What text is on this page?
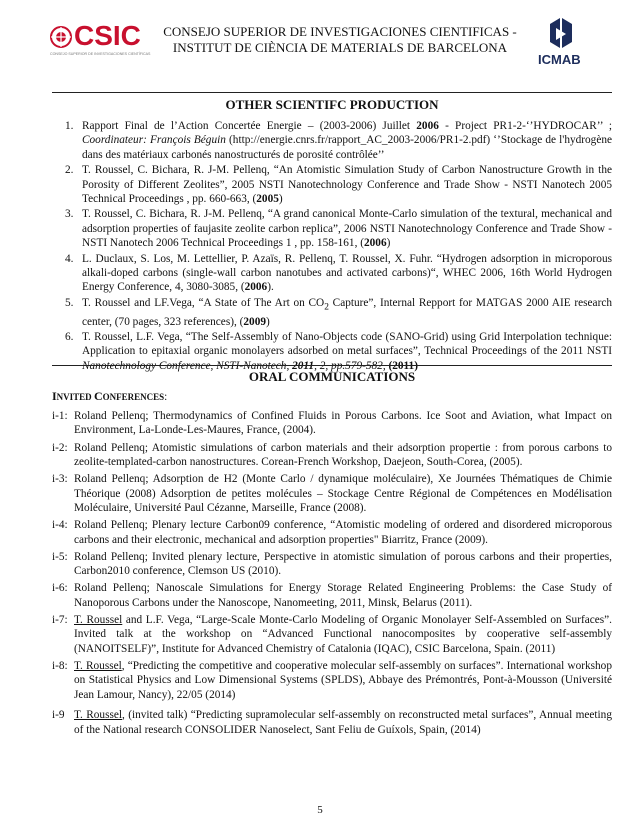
CSIC
CONSEJO SUPERIOR DE INVESTIGACIONES CIENTÍFICAS
CONSEJO SUPERIOR DE INVESTIGACIONES CIENTIFICAS -
INSTITUT DE CIÈNCIA DE MATERIALS DE BARCELONA
ICMAB
OTHER SCIENTIFC PRODUCTION
1. Rapport Final de l’Action Concertée Energie – (2003-2006) Juillet 2006 - Project PR1-2-‘’HYDROCAR’’ ; Coordinateur: François Béguin (http://energie.cnrs.fr/rapport_AC_2003-2006/PR1-2.pdf) ‘’Stockage de l'hydrogène dans des matériaux carbonés nanostructurés de porosité contrôlée’’
2. T. Roussel, C. Bichara, R. J-M. Pellenq, “An Atomistic Simulation Study of Carbon Nanostructure Growth in the Porosity of Different Zeolites”, 2005 NSTI Nanotechnology Conference and Trade Show - NSTI Nanotech 2005 Technical Proceedings , pp. 660-663, (2005)
3. T. Roussel, C. Bichara, R. J-M. Pellenq, “A grand canonical Monte-Carlo simulation of the textural, mechanical and adsorption properties of faujasite zeolite carbon replica”, 2006 NSTI Nanotechnology Conference and Trade Show - NSTI Nanotech 2006 Technical Proceedings 1 , pp. 158-161, (2006)
4. L. Duclaux, S. Los, M. Lettellier, P. Azaïs, R. Pellenq, T. Roussel, X. Fuhr. “Hydrogen adsorption in microporous alkali-doped carbons (single-wall carbon nanotubes and activated carbons)“, WHEC 2006, 16th World Hydrogen Energy Conference, 4, 3080-3085, (2006).
5. T. Roussel and LF.Vega, “A State of The Art on $CO_2$ Capture”, Internal Repport for MATGAS 2000 AIE research center, (70 pages, 323 references), (2009)
6. T. Roussel, L.F. Vega, “The Self-Assembly of Nano-Objects code (SANO-Grid) using Grid Interpolation technique: Application to epitaxial organic monolayers adsorbed on metal surfaces”, Technical Proceedings of the 2011 NSTI Nanotechnology Conference, NSTI-Nanotech, 2011, 2, pp.579-582, (2011)
ORAL COMMUNICATIONS
INVITED CONFERENCES:
i-1: Roland Pellenq; Thermodynamics of Confined Fluids in Porous Carbons. Ice Soot and Aviation, what Impact on Environment, La-Londe-Les-Maures, France, (2004).
i-2: Roland Pellenq; Atomistic simulations of carbon materials and their adsorption propertie : from porous carbons to zeolite-templated-carbon nanostructures. Corean-French Workshop, Daejeon, South-Corea, (2005).
i-3: Roland Pellenq; Adsorption de H2 (Monte Carlo / dynamique moléculaire), Xe Journées Thématiques de Chimie Théorique (2008) Adsorption de petites molécules – Stockage Centre Régional de Compétences en Modélisation Moléculaire, Université Paul Cézanne, Marseille, France (2008).
i-4: Roland Pellenq; Plenary lecture Carbon09 conference, “Atomistic modeling of ordered and disordered microporous carbons and their electronic, mechanical and adsorption properties" Biarritz, France (2009).
i-5: Roland Pellenq; Invited plenary lecture, Perspective in atomistic simulation of porous carbons and their properties, Carbon2010 conference, Clemson US (2010).
i-6: Roland Pellenq; Nanoscale Simulations for Energy Storage Related Engineering Problems: the Case Study of Nanoporous Carbons under the Nanoscope, Nanomeeting, 2011, Minsk, Belarus (2011).
i-7: T. Roussel and L.F. Vega, “Large-Scale Monte-Carlo Modeling of Organic Monolayer Self-Assembled on Surfaces”. Invited talk at the workshop on “Advanced Functional nanocomposites by cooperative self-assembly (NANOITSELF)”, Institute for Advanced Chemistry of Catalonia (IQAC), CSIC Barcelona, Spain. (2011)
i-8: T. Roussel, “Predicting the competitive and cooperative molecular self-assembly on surfaces”. International workshop on Statistical Physics and Low Dimensional Systems (SPLDS), Abbaye des Prémontrés, Pont-à-Mousson (Université Jean Lamour, Nancy), 22/05 (2014)
i-9 T. Roussel, (invited talk) “Predicting supramolecular self-assembly on reconstructed metal surfaces”, Annual meeting of the National research CONSOLIDER Nanoselect, Sant Feliu de Guíxols, Spain, (2014)
5
